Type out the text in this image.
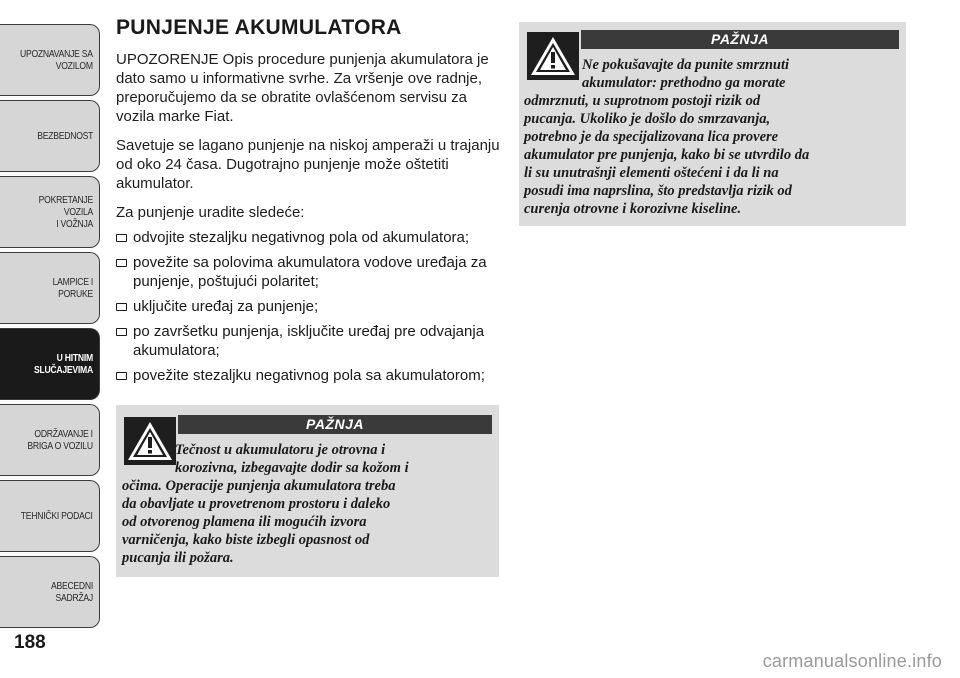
UPOZNAVANJE SA
VOZILOM
BEZBEDNOST
POKRETANJE VOZILA
I VOŽNJA
LAMPICE I PORUKE
U HITNIM
SLUČAJEVIMA
ODRŽAVANJE I
BRIGA O VOZILU
TEHNIČKI PODACI
ABECEDNI SADRŽAJ
188
PUNJENJE AKUMULATORA

UPOZORENJE Opis procedure punjenja akumulatora je dato samo u informativne svrhe. Za vršenje ove radnje, preporučujemo da se obratite ovlašćenom servisu za vozila marke Fiat.

Savetuje se lagano punjenje na niskoj amperaži u trajanju od oko 24 časa. Dugotrajno punjenje može oštetiti akumulator.

Za punjenje uradite sledeće:

odvojite stezaljku negativnog pola od akumulatora;
povežite sa polovima akumulatora vodove uređaja za punjenje, poštujući polaritet;
uključite uređaj za punjenje;
po završetku punjenja, isključite uređaj pre odvajanja akumulatora;
povežite stezaljku negativnog pola sa akumulatorom;
PAŽNJA
Tečnost u akumulatoru je otrovna i
korozivna, izbegavajte dodir sa kožom i
očima. Operacije punjenja akumulatora treba
da obavljate u provetrenom prostoru i daleko
od otvorenog plamena ili mogućih izvora
varničenja, kako biste izbegli opasnost od
pucanja ili požara.
PAŽNJA
Ne pokušavajte da punite smrznuti
akumulator: prethodno ga morate
odmrznuti, u suprotnom postoji rizik od
pucanja. Ukoliko je došlo do smrzavanja,
potrebno je da specijalizovana lica provere
akumulator pre punjenja, kako bi se utvrdilo da
li su unutrašnji elementi oštećeni i da li na
posudi ima naprslina, što predstavlja rizik od
curenja otrovne i korozivne kiseline.
carmanualsonline.info
